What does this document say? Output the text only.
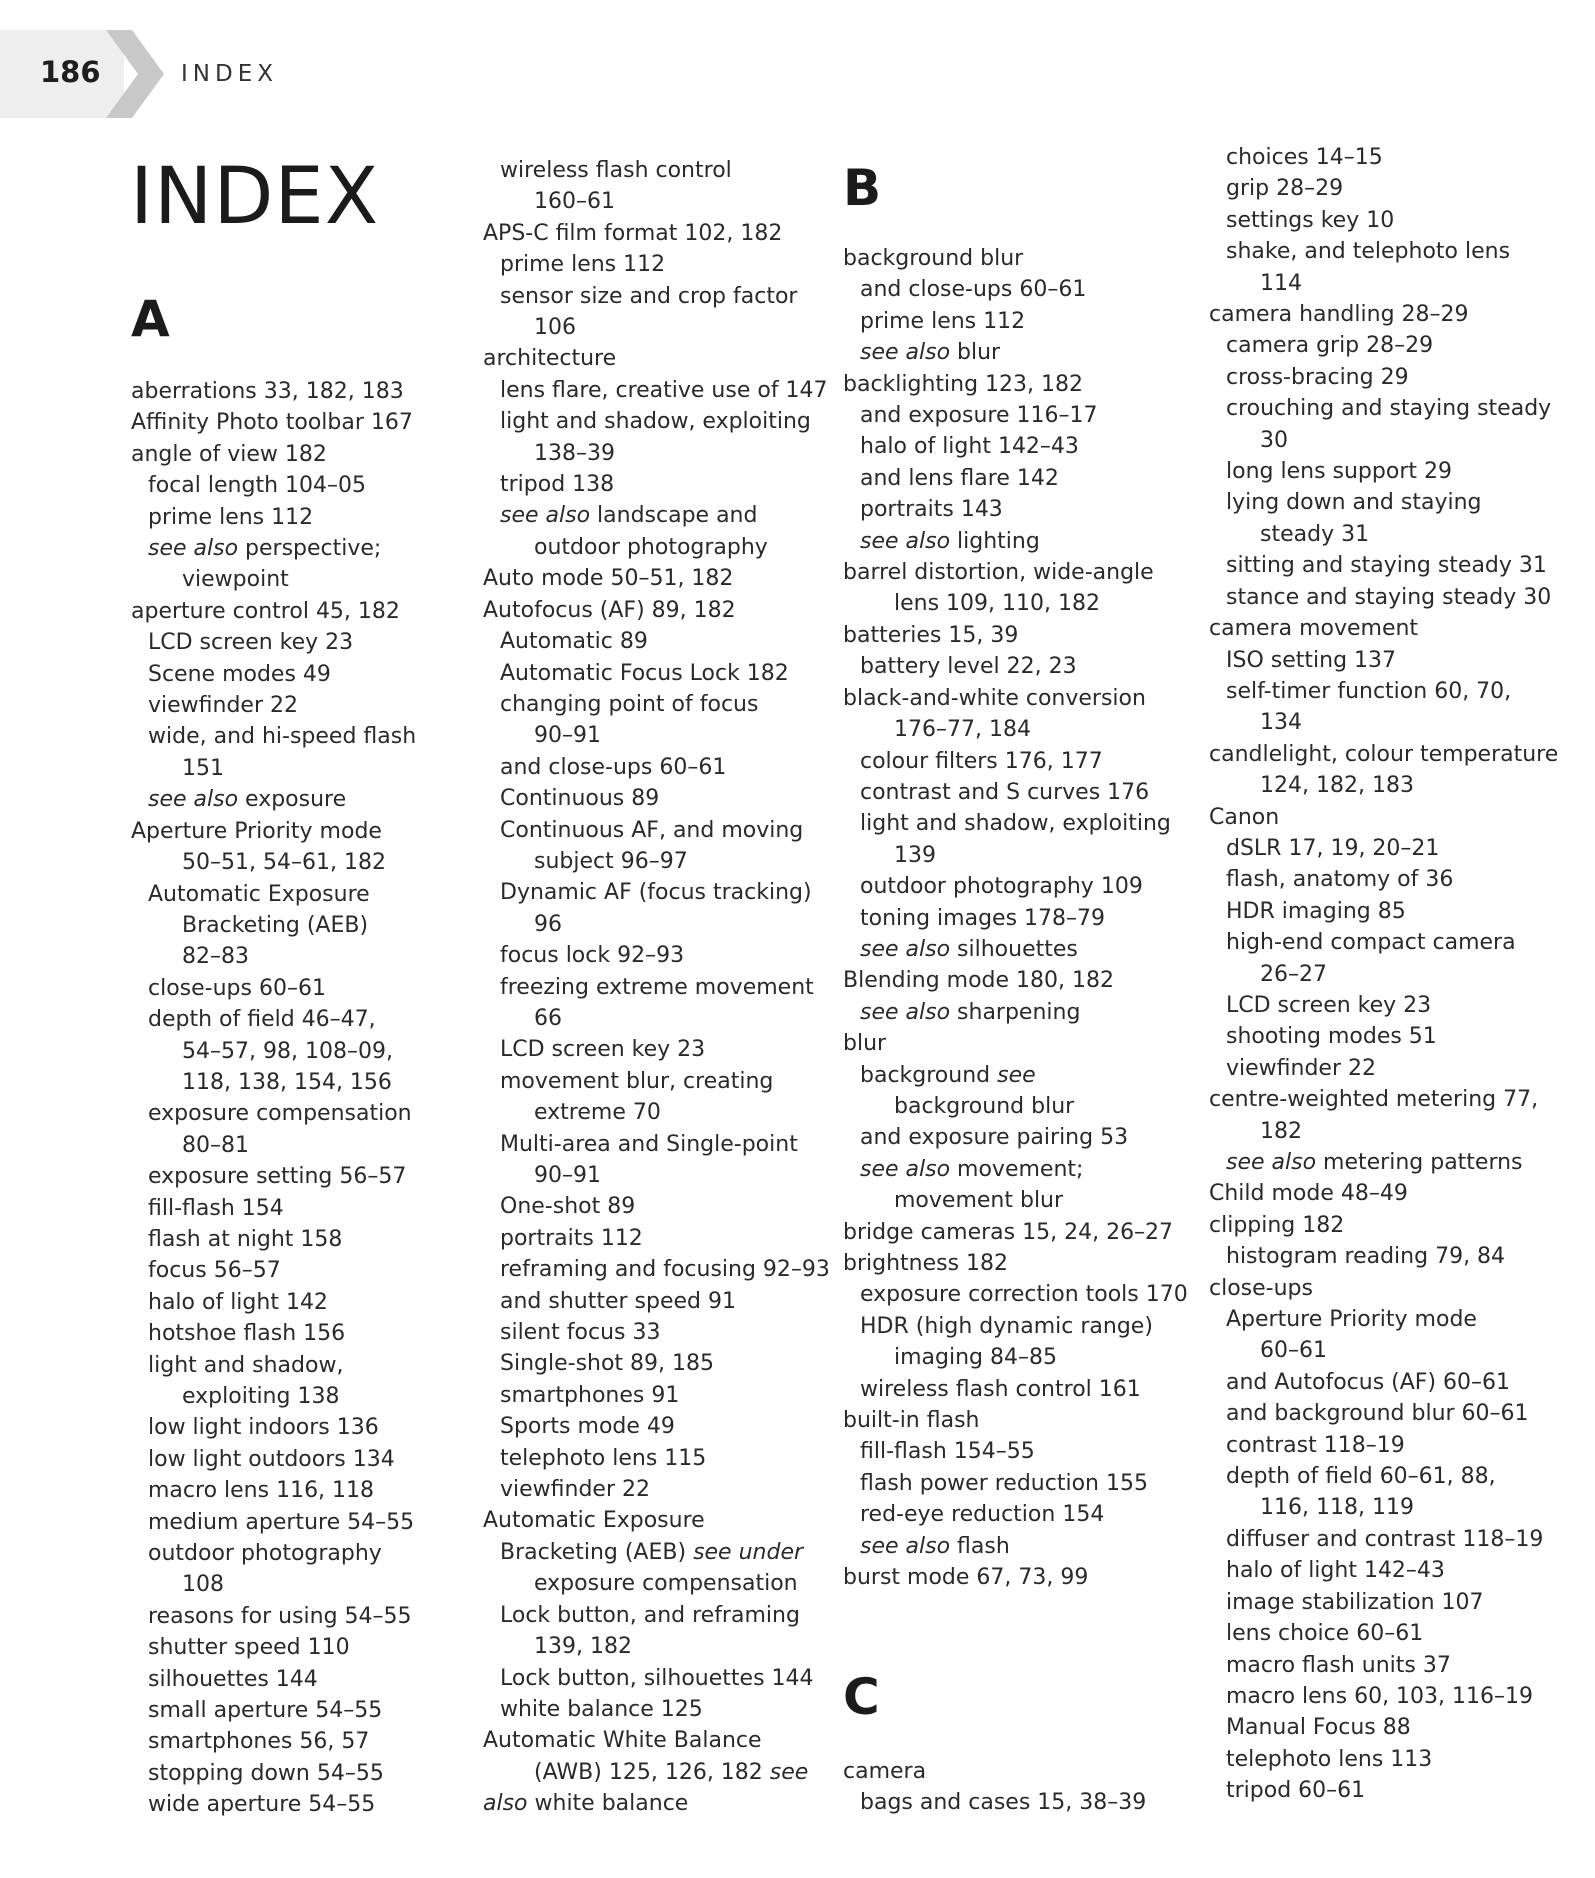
186	INDEX
INDEX
A
B
C
aberrations 33, 182, 183
Affinity Photo toolbar 167
angle of view 182
focal length 104–05
prime lens 112
see also perspective;
viewpoint
aperture control 45, 182
LCD screen key 23
Scene modes 49
viewfinder 22
wide, and hi-speed flash
151
see also exposure
Aperture Priority mode
50–51, 54–61, 182
Automatic Exposure
Bracketing (AEB)
82–83
close-ups 60–61
depth of field 46–47,
54–57, 98, 108–09,
118, 138, 154, 156
exposure compensation
80–81
exposure setting 56–57
fill-flash 154
flash at night 158
focus 56–57
halo of light 142
hotshoe flash 156
light and shadow,
exploiting 138
low light indoors 136
low light outdoors 134
macro lens 116, 118
medium aperture 54–55
outdoor photography
108
reasons for using 54–55
shutter speed 110
silhouettes 144
small aperture 54–55
smartphones 56, 57
stopping down 54–55
wide aperture 54–55
wireless flash control
160–61
APS-C film format 102, 182
prime lens 112
sensor size and crop factor
106
architecture
lens flare, creative use of 147
light and shadow, exploiting
138–39
tripod 138
see also landscape and
outdoor photography
Auto mode 50–51, 182
Autofocus (AF) 89, 182
Automatic 89
Automatic Focus Lock 182
changing point of focus
90–91
and close-ups 60–61
Continuous 89
Continuous AF, and moving
subject 96–97
Dynamic AF (focus tracking)
96
focus lock 92–93
freezing extreme movement
66
LCD screen key 23
movement blur, creating
extreme 70
Multi-area and Single-point
90–91
One-shot 89
portraits 112
reframing and focusing 92–93
and shutter speed 91
silent focus 33
Single-shot 89, 185
smartphones 91
Sports mode 49
telephoto lens 115
viewfinder 22
Automatic Exposure
Bracketing (AEB) see under
exposure compensation
Lock button, and reframing
139, 182
Lock button, silhouettes 144
white balance 125
Automatic White Balance
(AWB) 125, 126, 182 see
also white balance
background blur
and close-ups 60–61
prime lens 112
see also blur
backlighting 123, 182
and exposure 116–17
halo of light 142–43
and lens flare 142
portraits 143
see also lighting
barrel distortion, wide-angle
lens 109, 110, 182
batteries 15, 39
battery level 22, 23
black-and-white conversion
176–77, 184
colour filters 176, 177
contrast and S curves 176
light and shadow, exploiting
139
outdoor photography 109
toning images 178–79
see also silhouettes
Blending mode 180, 182
see also sharpening
blur
background see
background blur
and exposure pairing 53
see also movement;
movement blur
bridge cameras 15, 24, 26–27
brightness 182
exposure correction tools 170
HDR (high dynamic range)
imaging 84–85
wireless flash control 161
built-in flash
fill-flash 154–55
flash power reduction 155
red-eye reduction 154
see also flash
burst mode 67, 73, 99
camera
bags and cases 15, 38–39
choices 14–15
grip 28–29
settings key 10
shake, and telephoto lens
114
camera handling 28–29
camera grip 28–29
cross-bracing 29
crouching and staying steady
30
long lens support 29
lying down and staying
steady 31
sitting and staying steady 31
stance and staying steady 30
camera movement
ISO setting 137
self-timer function 60, 70,
134
candlelight, colour temperature
124, 182, 183
Canon
dSLR 17, 19, 20–21
flash, anatomy of 36
HDR imaging 85
high-end compact camera
26–27
LCD screen key 23
shooting modes 51
viewfinder 22
centre-weighted metering 77,
182
see also metering patterns
Child mode 48–49
clipping 182
histogram reading 79, 84
close-ups
Aperture Priority mode
60–61
and Autofocus (AF) 60–61
and background blur 60–61
contrast 118–19
depth of field 60–61, 88,
116, 118, 119
diffuser and contrast 118–19
halo of light 142–43
image stabilization 107
lens choice 60–61
macro flash units 37
macro lens 60, 103, 116–19
Manual Focus 88
telephoto lens 113
tripod 60–61
